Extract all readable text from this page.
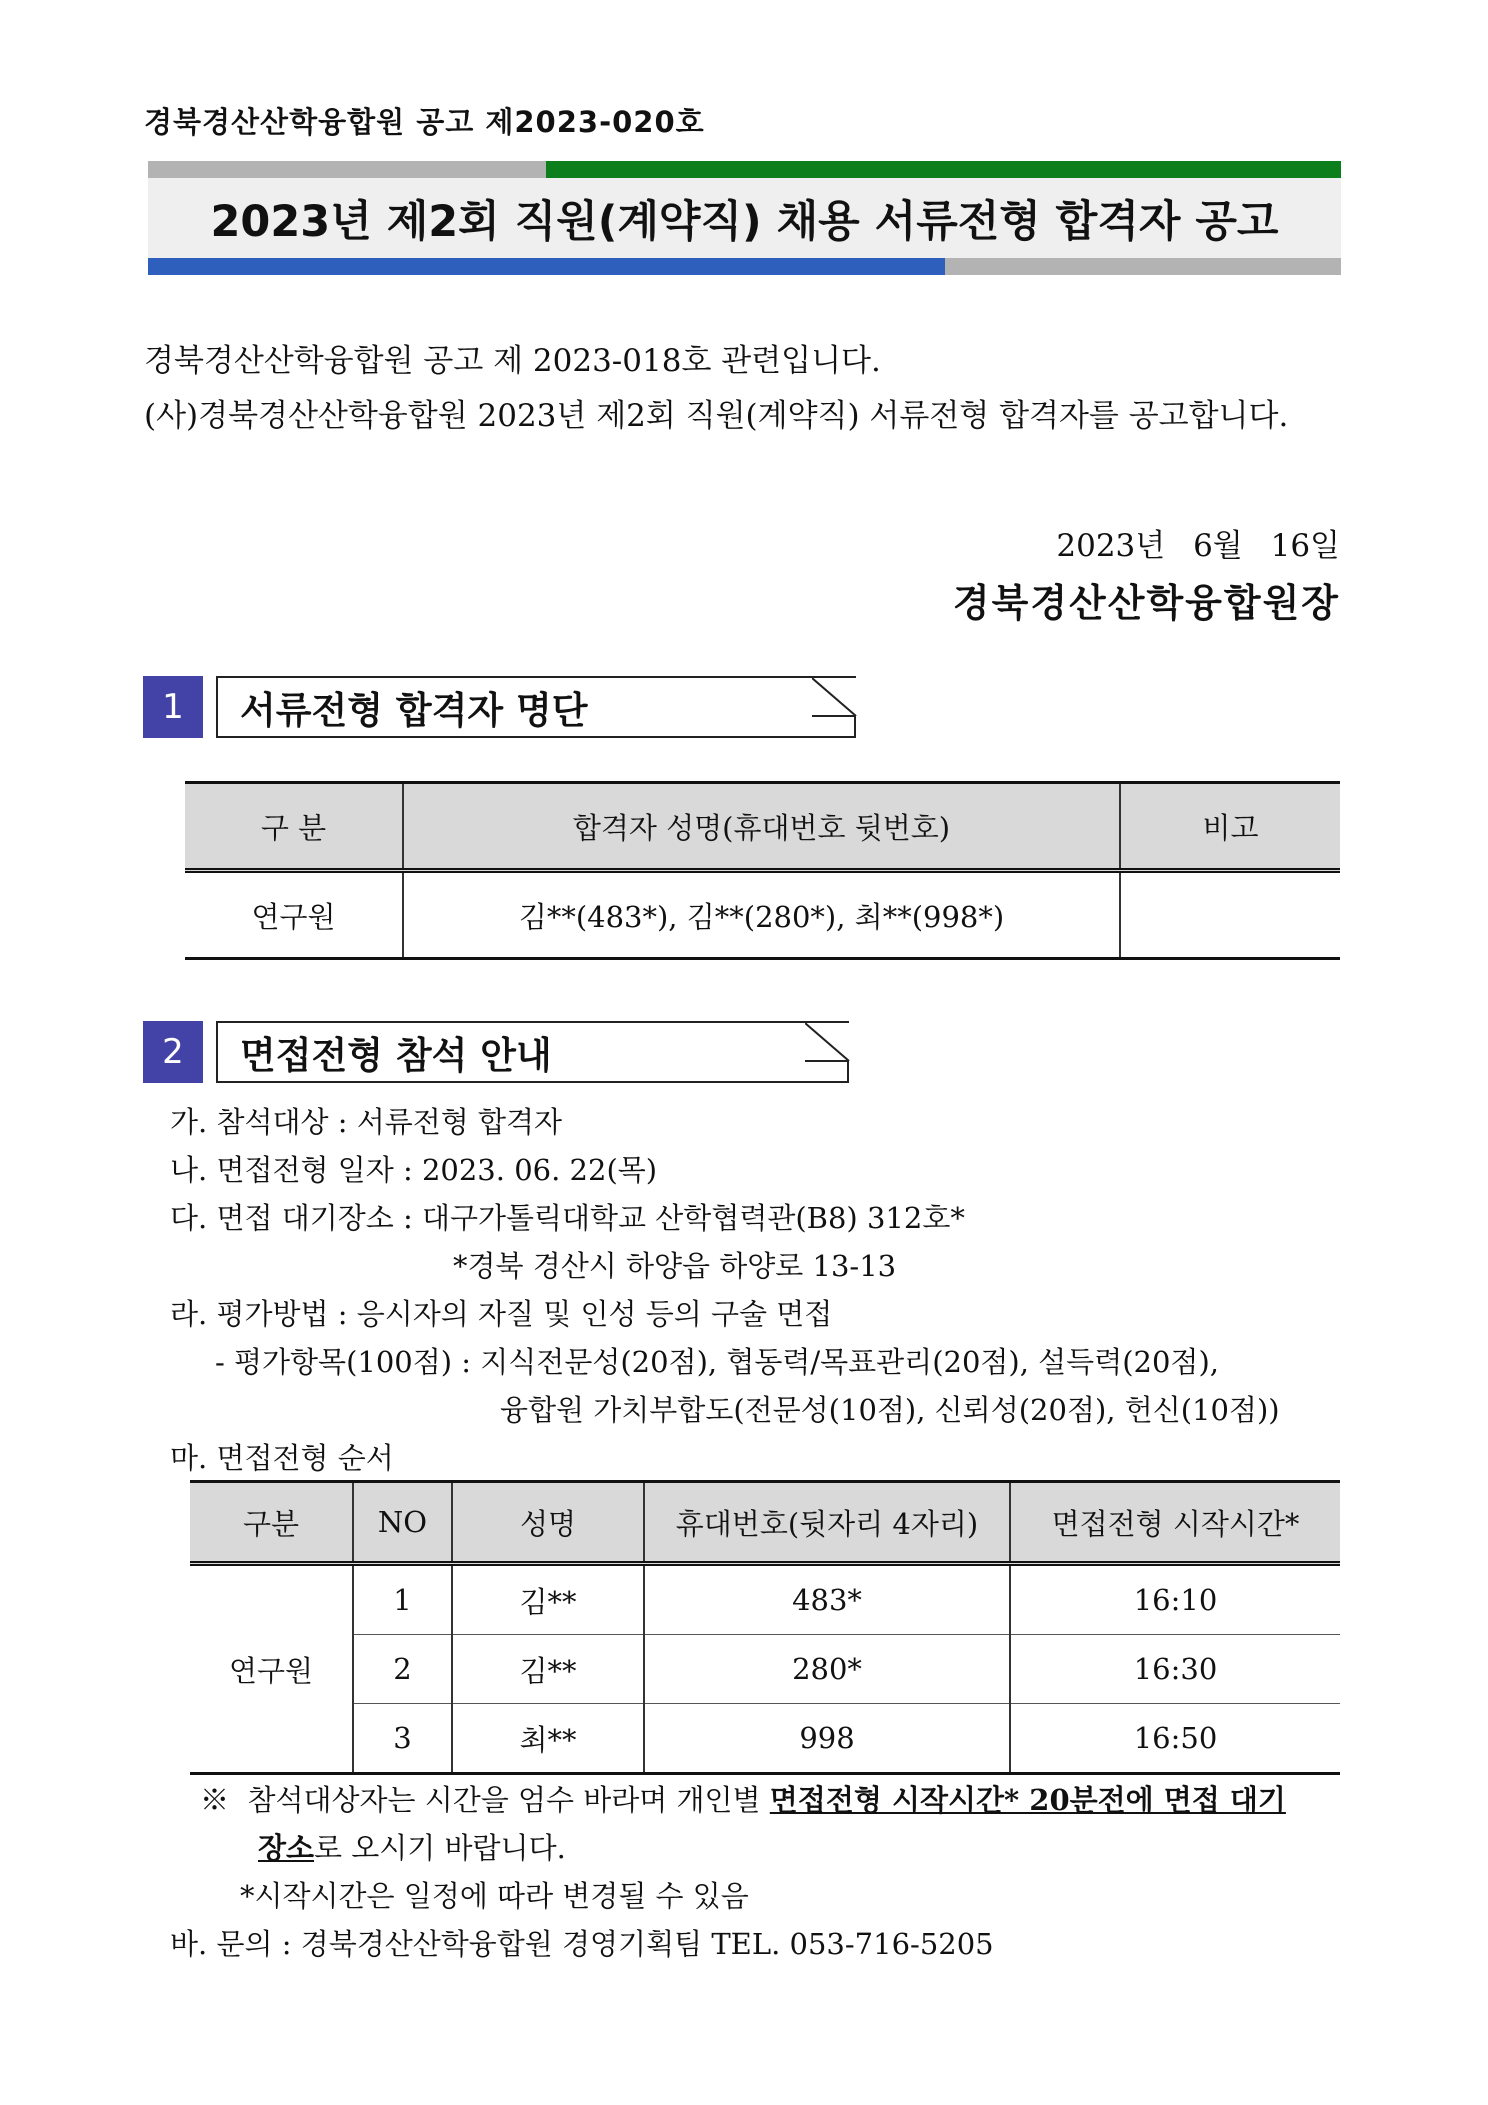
경북경산산학융합원 공고 제2023-020호
2023년 제2회 직원(계약직) 채용 서류전형 합격자 공고
경북경산산학융합원 공고 제 2023-018호 관련입니다.
(사)경북경산산학융합원 2023년 제2회 직원(계약직) 서류전형 합격자를 공고합니다.
2023년 6월 16일
경북경산산학융합원장
1	서류전형 합격자 명단
구 분	합격자 성명(휴대번호 뒷번호)	비고
연구원	김**(483*), 김**(280*), 최**(998*)	
2	면접전형 참석 안내
가. 참석대상 : 서류전형 합격자
나. 면접전형 일자 : 2023. 06. 22(목)
다. 면접 대기장소 : 대구가톨릭대학교 산학협력관(B8) 312호*
*경북 경산시 하양읍 하양로 13-13
라. 평가방법 : 응시자의 자질 및 인성 등의 구술 면접
- 평가항목(100점) : 지식전문성(20점), 협동력/목표관리(20점), 설득력(20점),
융합원 가치부합도(전문성(10점), 신뢰성(20점), 헌신(10점))
마. 면접전형 순서
구분	NO	성명	휴대번호(뒷자리 4자리)	면접전형 시작시간*
연구원	1	김**	483*	16:10
	2	김**	280*	16:30
	3	최**	998	16:50
※ 참석대상자는 시간을 엄수 바라며 개인별 면접전형 시작시간* 20분전에 면접 대기
장소로 오시기 바랍니다.
*시작시간은 일정에 따라 변경될 수 있음
바. 문의 : 경북경산산학융합원 경영기획팀 TEL. 053-716-5205
